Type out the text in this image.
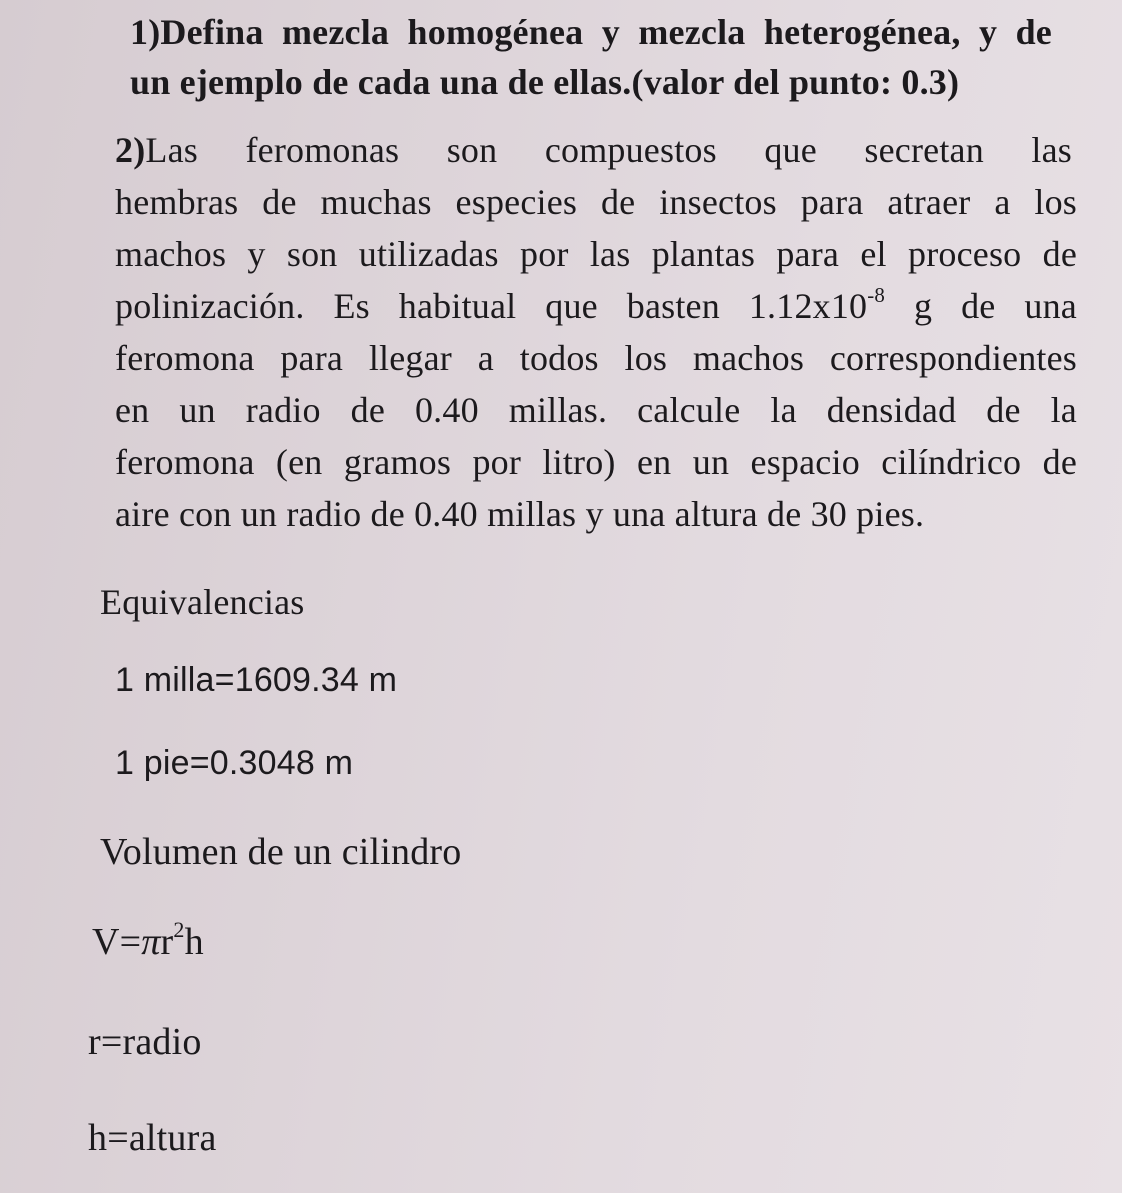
1)Defina mezcla homogénea y mezcla heterogénea, y de
un ejemplo de cada una de ellas.(valor del punto: 0.3)
2)Las feromonas son compuestos que secretan las
hembras de muchas especies de insectos para atraer a los
machos y son utilizadas por las plantas para el proceso de
polinización. Es habitual que basten $1.12x10^{-8}$ g de una
feromona para llegar a todos los machos correspondientes
en un radio de 0.40 millas. calcule la densidad de la
feromona (en gramos por litro) en un espacio cilíndrico de
aire con un radio de 0.40 millas y una altura de 30 pies.
Equivalencias
1 milla=1609.34 m
1 pie=0.3048 m
Volumen de un cilindro
$V=\pi r^2h$
r=radio
h=altura
